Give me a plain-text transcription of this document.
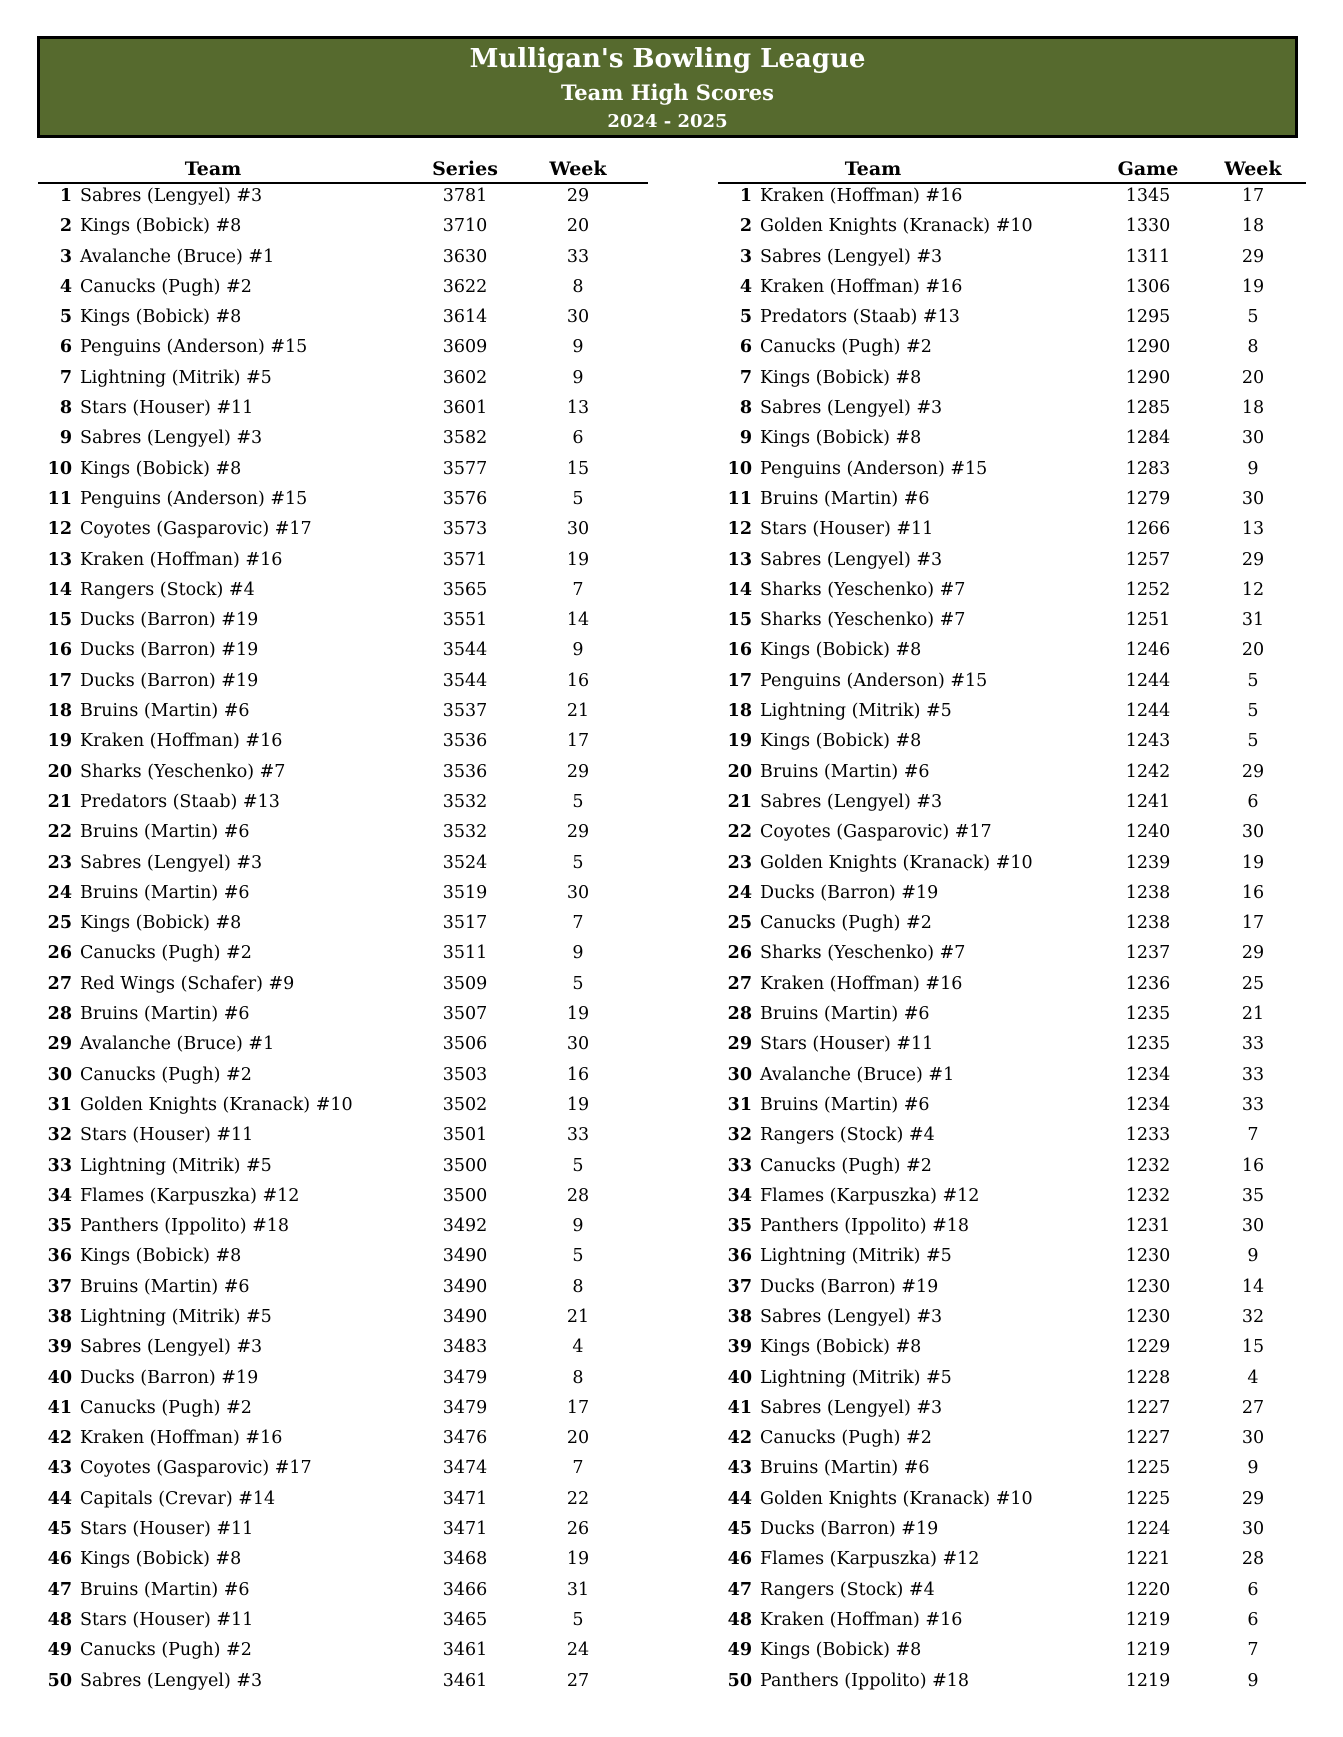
Mulligan's Bowling League
Team High Scores
2024 - 2025
Team	Series	Week
1 Sabres (Lengyel) #3	3781	29
2 Kings (Bobick) #8	3710	20
3 Avalanche (Bruce) #1	3630	33
4 Canucks (Pugh) #2	3622	8
5 Kings (Bobick) #8	3614	30
6 Penguins (Anderson) #15	3609	9
7 Lightning (Mitrik) #5	3602	9
8 Stars (Houser) #11	3601	13
9 Sabres (Lengyel) #3	3582	6
10 Kings (Bobick) #8	3577	15
11 Penguins (Anderson) #15	3576	5
12 Coyotes (Gasparovic) #17	3573	30
13 Kraken (Hoffman) #16	3571	19
14 Rangers (Stock) #4	3565	7
15 Ducks (Barron) #19	3551	14
16 Ducks (Barron) #19	3544	9
17 Ducks (Barron) #19	3544	16
18 Bruins (Martin) #6	3537	21
19 Kraken (Hoffman) #16	3536	17
20 Sharks (Yeschenko) #7	3536	29
21 Predators (Staab) #13	3532	5
22 Bruins (Martin) #6	3532	29
23 Sabres (Lengyel) #3	3524	5
24 Bruins (Martin) #6	3519	30
25 Kings (Bobick) #8	3517	7
26 Canucks (Pugh) #2	3511	9
27 Red Wings (Schafer) #9	3509	5
28 Bruins (Martin) #6	3507	19
29 Avalanche (Bruce) #1	3506	30
30 Canucks (Pugh) #2	3503	16
31 Golden Knights (Kranack) #10	3502	19
32 Stars (Houser) #11	3501	33
33 Lightning (Mitrik) #5	3500	5
34 Flames (Karpuszka) #12	3500	28
35 Panthers (Ippolito) #18	3492	9
36 Kings (Bobick) #8	3490	5
37 Bruins (Martin) #6	3490	8
38 Lightning (Mitrik) #5	3490	21
39 Sabres (Lengyel) #3	3483	4
40 Ducks (Barron) #19	3479	8
41 Canucks (Pugh) #2	3479	17
42 Kraken (Hoffman) #16	3476	20
43 Coyotes (Gasparovic) #17	3474	7
44 Capitals (Crevar) #14	3471	22
45 Stars (Houser) #11	3471	26
46 Kings (Bobick) #8	3468	19
47 Bruins (Martin) #6	3466	31
48 Stars (Houser) #11	3465	5
49 Canucks (Pugh) #2	3461	24
50 Sabres (Lengyel) #3	3461	27
Team	Game	Week
1 Kraken (Hoffman) #16	1345	17
2 Golden Knights (Kranack) #10	1330	18
3 Sabres (Lengyel) #3	1311	29
4 Kraken (Hoffman) #16	1306	19
5 Predators (Staab) #13	1295	5
6 Canucks (Pugh) #2	1290	8
7 Kings (Bobick) #8	1290	20
8 Sabres (Lengyel) #3	1285	18
9 Kings (Bobick) #8	1284	30
10 Penguins (Anderson) #15	1283	9
11 Bruins (Martin) #6	1279	30
12 Stars (Houser) #11	1266	13
13 Sabres (Lengyel) #3	1257	29
14 Sharks (Yeschenko) #7	1252	12
15 Sharks (Yeschenko) #7	1251	31
16 Kings (Bobick) #8	1246	20
17 Penguins (Anderson) #15	1244	5
18 Lightning (Mitrik) #5	1244	5
19 Kings (Bobick) #8	1243	5
20 Bruins (Martin) #6	1242	29
21 Sabres (Lengyel) #3	1241	6
22 Coyotes (Gasparovic) #17	1240	30
23 Golden Knights (Kranack) #10	1239	19
24 Ducks (Barron) #19	1238	16
25 Canucks (Pugh) #2	1238	17
26 Sharks (Yeschenko) #7	1237	29
27 Kraken (Hoffman) #16	1236	25
28 Bruins (Martin) #6	1235	21
29 Stars (Houser) #11	1235	33
30 Avalanche (Bruce) #1	1234	33
31 Bruins (Martin) #6	1234	33
32 Rangers (Stock) #4	1233	7
33 Canucks (Pugh) #2	1232	16
34 Flames (Karpuszka) #12	1232	35
35 Panthers (Ippolito) #18	1231	30
36 Lightning (Mitrik) #5	1230	9
37 Ducks (Barron) #19	1230	14
38 Sabres (Lengyel) #3	1230	32
39 Kings (Bobick) #8	1229	15
40 Lightning (Mitrik) #5	1228	4
41 Sabres (Lengyel) #3	1227	27
42 Canucks (Pugh) #2	1227	30
43 Bruins (Martin) #6	1225	9
44 Golden Knights (Kranack) #10	1225	29
45 Ducks (Barron) #19	1224	30
46 Flames (Karpuszka) #12	1221	28
47 Rangers (Stock) #4	1220	6
48 Kraken (Hoffman) #16	1219	6
49 Kings (Bobick) #8	1219	7
50 Panthers (Ippolito) #18	1219	9
